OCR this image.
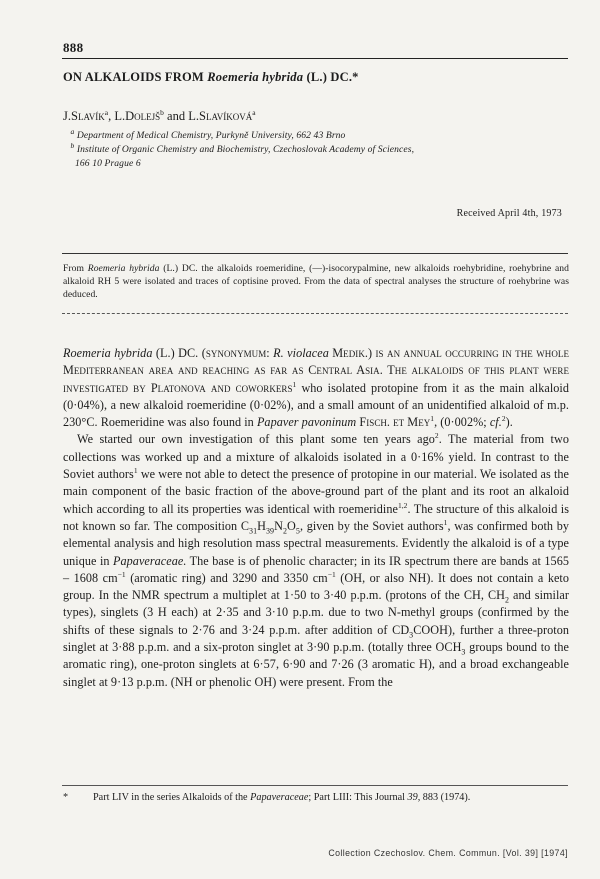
888
ON ALKALOIDS FROM Roemeria hybrida (L.) DC.*
J.Slavík$^a$, L.Dolejš$^b$ and L.Slavíková$^a$
$^a$ Department of Medical Chemistry, Purkyně University, 662 43 Brno
$^b$ Institute of Organic Chemistry and Biochemistry, Czechoslovak Academy of Sciences,
166 10 Prague 6
Received April 4th, 1973
From Roemeria hybrida (L.) DC. the alkaloids roemeridine, (—)-isocorypalmine, new alkaloids roehybridine, roehybrine and alkaloid RH 5 were isolated and traces of coptisine proved. From the data of spectral analyses the structure of roehybrine was deduced.

Roemeria hybrida (L.) DC. (synonymum: R. violacea Medik.) is an annual occurring in the whole Mediterranean area and reaching as far as Central Asia. The alkaloids of this plant were investigated by Platonova and coworkers$^1$ who isolated protopine from it as the main alkaloid (0·04%), a new alkaloid roemeridine (0·02%), and a small amount of an unidentified alkaloid of m.p. 230°C. Roemeridine was also found in Papaver pavoninum Fisch. et Mey$^1$, (0·002%; cf.$^2$).

We started our own investigation of this plant some ten years ago$^2$. The material from two collections was worked up and a mixture of alkaloids isolated in a 0·16% yield. In contrast to the Soviet authors$^1$ we were not able to detect the presence of protopine in our material. We isolated as the main component of the basic fraction of the above-ground part of the plant and its root an alkaloid which according to all its properties was identical with roemeridine$^{1,2}$. The structure of this alkaloid is not known so far. The composition $C_{31}H_{39}N_2O_5$, given by the Soviet authors$^1$, was confirmed both by elemental analysis and high resolution mass spectral measurements. Evidently the alkaloid is of a type unique in Papaveraceae. The base is of phenolic character; in its IR spectrum there are bands at 1565 – 1608 $cm^{-1}$ (aromatic ring) and 3290 and 3350 $cm^{-1}$ (OH, or also NH). It does not contain a keto group. In the NMR spectrum a multiplet at 1·50 to 3·40 p.p.m. (protons of the CH, $CH_2$ and similar types), singlets (3 H each) at 2·35 and 3·10 p.p.m. due to two N-methyl groups (confirmed by the shifts of these signals to 2·76 and 3·24 p.p.m. after addition of $CD_3COOH$), further a three-proton singlet at 3·88 p.p.m. and a six-proton singlet at 3·90 p.p.m. (totally three $OCH_3$ groups bound to the aromatic ring), one-proton singlets at 6·57, 6·90 and 7·26 (3 aromatic H), and a broad exchangeable singlet at 9·13 p.p.m. (NH or phenolic OH) were present. From the

* Part LIV in the series Alkaloids of the Papaveraceae; Part LIII: This Journal 39, 883 (1974).
Collection Czechoslov. Chem. Commun. [Vol. 39] [1974]
